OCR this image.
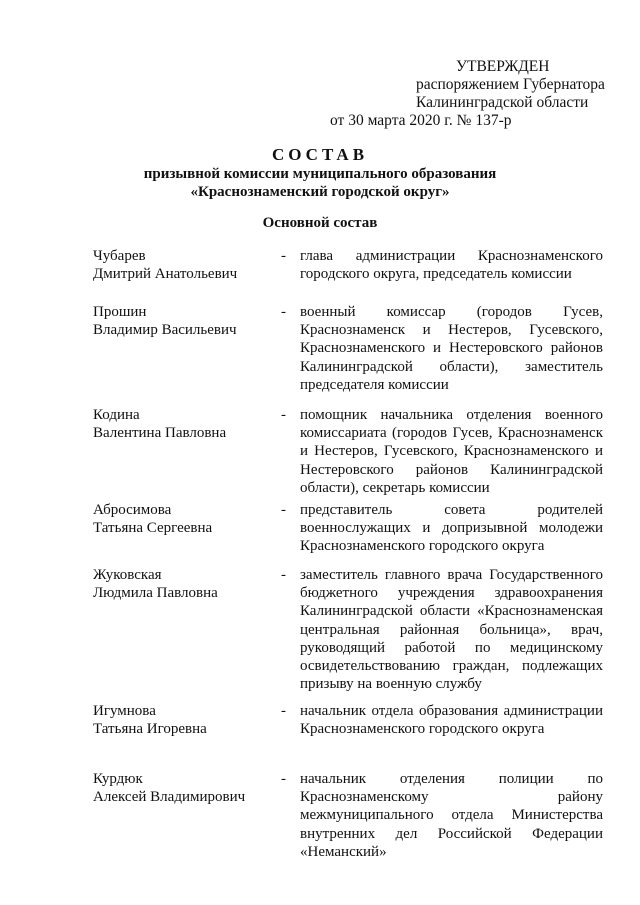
УТВЕРЖДЕН
распоряжением Губернатора
Калининградской области
от 30 марта 2020 г. № 137-р
СОСТАВ
призывной комиссии муниципального образования
«Краснознаменский городской округ»
Основной состав
Чубарев
Дмитрий Анатольевич
- глава администрации Краснознаменского городского округа, председатель комиссии
Прошин
Владимир Васильевич
- военный комиссар (городов Гусев, Краснознаменск и Нестеров, Гусевского, Краснознаменского и Нестеровского районов Калининградской области), заместитель председателя комиссии
Кодина
Валентина Павловна
- помощник начальника отделения военного комиссариата (городов Гусев, Краснознаменск и Нестеров, Гусевского, Краснознаменского и Нестеровского районов Калининградской области), секретарь комиссии
Абросимова
Татьяна Сергеевна
- представитель совета родителей военнослужащих и допризывной молодежи Краснознаменского городского округа
Жуковская
Людмила Павловна
- заместитель главного врача Государственного бюджетного учреждения здравоохранения Калининградской области «Краснознаменская центральная районная больница», врач, руководящий работой по медицинскому освидетельствованию граждан, подлежащих призыву на военную службу
Игумнова
Татьяна Игоревна
- начальник отдела образования администрации Краснознаменского городского округа
Курдюк
Алексей Владимирович
- начальник отделения полиции по Краснознаменскому району межмуниципального отдела Министерства внутренних дел Российской Федерации «Неманский»
